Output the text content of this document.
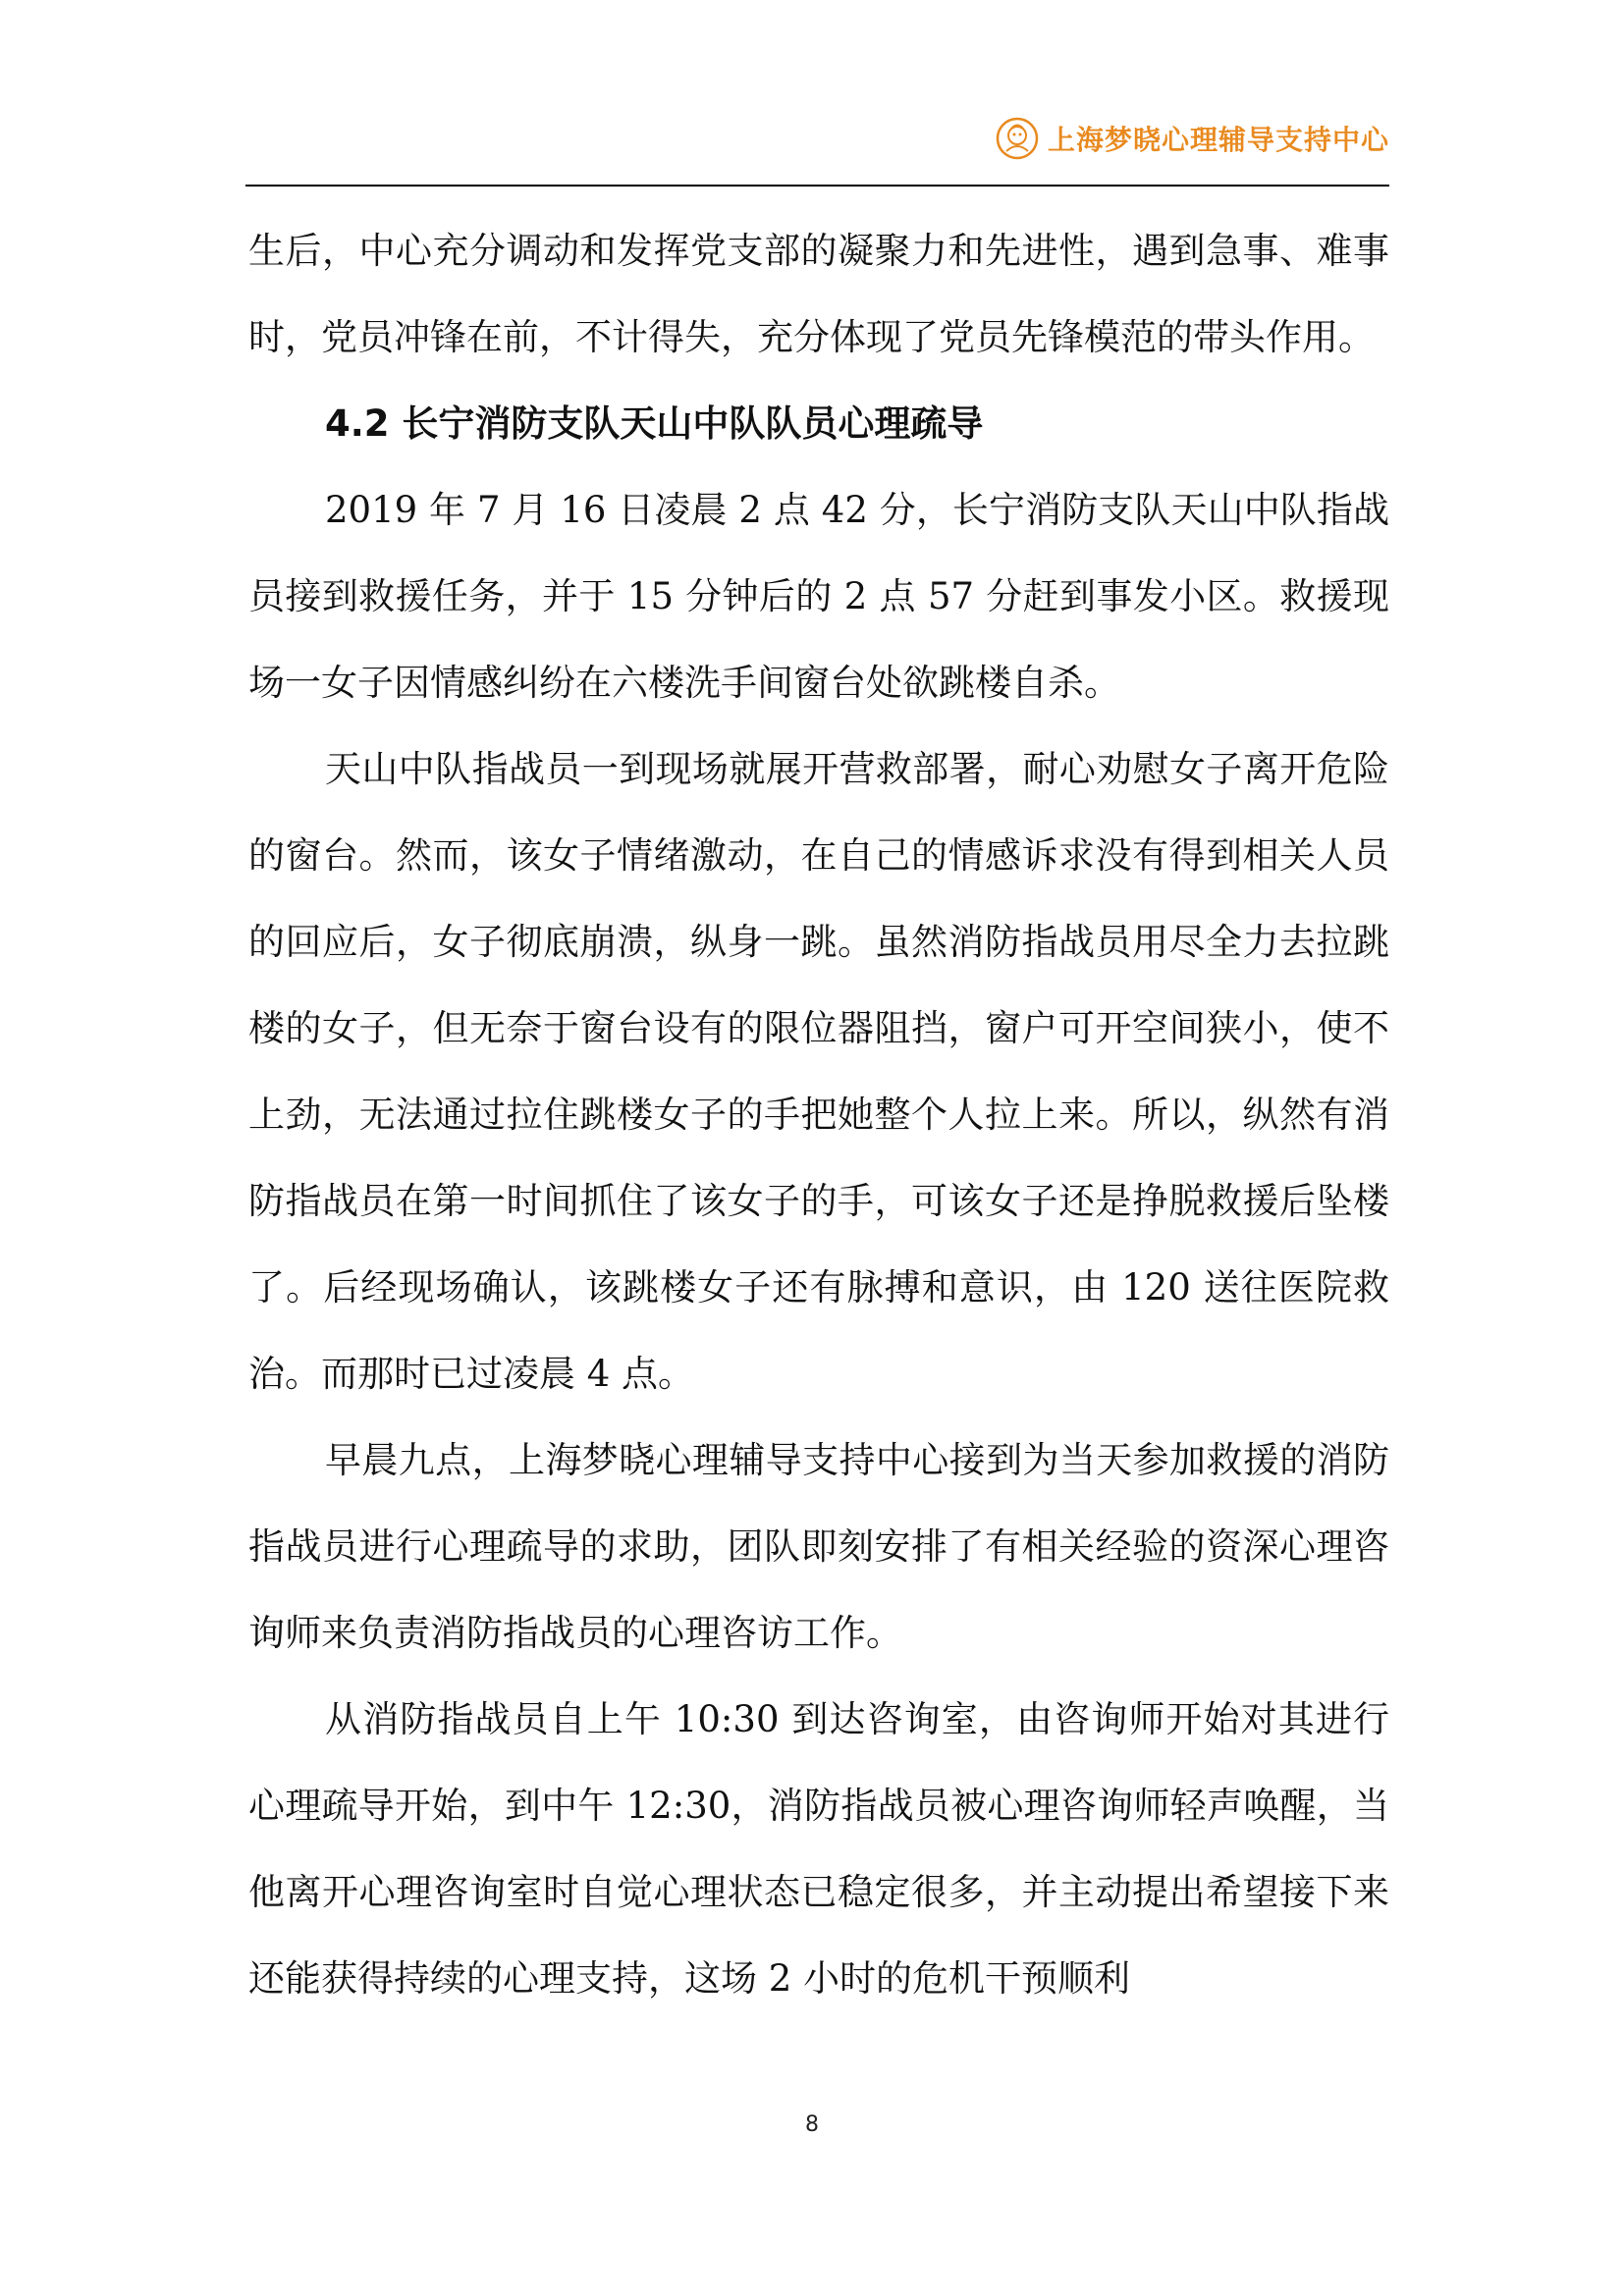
上海梦晓心理辅导支持中心

生后，中心充分调动和发挥党支部的凝聚力和先进性，遇到急事、难事时，党员冲锋在前，不计得失，充分体现了党员先锋模范的带头作用。

4.2 长宁消防支队天山中队队员心理疏导

2019 年 7 月 16 日凌晨 2 点 42 分，长宁消防支队天山中队指战员接到救援任务，并于 15 分钟后的 2 点 57 分赶到事发小区。救援现场一女子因情感纠纷在六楼洗手间窗台处欲跳楼自杀。

天山中队指战员一到现场就展开营救部署，耐心劝慰女子离开危险的窗台。然而，该女子情绪激动，在自己的情感诉求没有得到相关人员的回应后，女子彻底崩溃，纵身一跳。虽然消防指战员用尽全力去拉跳楼的女子，但无奈于窗台设有的限位器阻挡，窗户可开空间狭小，使不上劲，无法通过拉住跳楼女子的手把她整个人拉上来。所以，纵然有消防指战员在第一时间抓住了该女子的手，可该女子还是挣脱救援后坠楼了。后经现场确认，该跳楼女子还有脉搏和意识，由 120 送往医院救治。而那时已过凌晨 4 点。

早晨九点，上海梦晓心理辅导支持中心接到为当天参加救援的消防指战员进行心理疏导的求助，团队即刻安排了有相关经验的资深心理咨询师来负责消防指战员的心理咨访工作。

从消防指战员自上午 10:30 到达咨询室，由咨询师开始对其进行心理疏导开始，到中午 12:30，消防指战员被心理咨询师轻声唤醒，当他离开心理咨询室时自觉心理状态已稳定很多，并主动提出希望接下来还能获得持续的心理支持，这场 2 小时的危机干预顺利

8
